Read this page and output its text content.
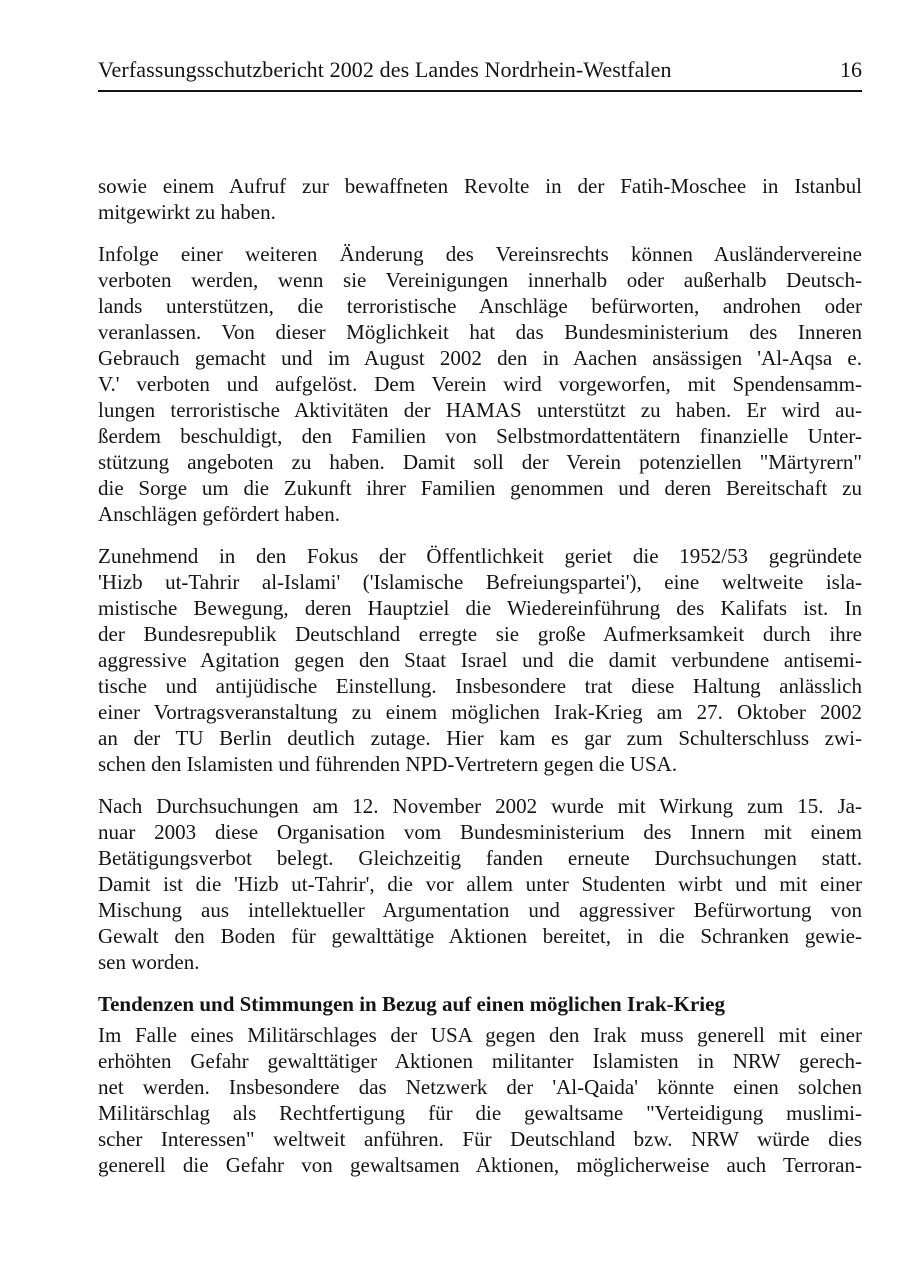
Verfassungsschutzbericht 2002 des Landes Nordrhein-Westfalen	16
sowie einem Aufruf zur bewaffneten Revolte in der Fatih-Moschee in Istanbul
mitgewirkt zu haben.
Infolge einer weiteren Änderung des Vereinsrechts können Ausländervereine
verboten werden, wenn sie Vereinigungen innerhalb oder außerhalb Deutsch-
lands unterstützen, die terroristische Anschläge befürworten, androhen oder
veranlassen. Von dieser Möglichkeit hat das Bundesministerium des Inneren
Gebrauch gemacht und im August 2002 den in Aachen ansässigen 'Al-Aqsa e.
V.' verboten und aufgelöst. Dem Verein wird vorgeworfen, mit Spendensamm-
lungen terroristische Aktivitäten der HAMAS unterstützt zu haben. Er wird au-
ßerdem beschuldigt, den Familien von Selbstmordattentätern finanzielle Unter-
stützung angeboten zu haben. Damit soll der Verein potenziellen "Märtyrern"
die Sorge um die Zukunft ihrer Familien genommen und deren Bereitschaft zu
Anschlägen gefördert haben.
Zunehmend in den Fokus der Öffentlichkeit geriet die 1952/53 gegründete
'Hizb ut-Tahrir al-Islami' ('Islamische Befreiungspartei'), eine weltweite isla-
mistische Bewegung, deren Hauptziel die Wiedereinführung des Kalifats ist. In
der Bundesrepublik Deutschland erregte sie große Aufmerksamkeit durch ihre
aggressive Agitation gegen den Staat Israel und die damit verbundene antisemi-
tische und antijüdische Einstellung. Insbesondere trat diese Haltung anlässlich
einer Vortragsveranstaltung zu einem möglichen Irak-Krieg am 27. Oktober 2002
an der TU Berlin deutlich zutage. Hier kam es gar zum Schulterschluss zwi-
schen den Islamisten und führenden NPD-Vertretern gegen die USA.
Nach Durchsuchungen am 12. November 2002 wurde mit Wirkung zum 15. Ja-
nuar 2003 diese Organisation vom Bundesministerium des Innern mit einem
Betätigungsverbot belegt. Gleichzeitig fanden erneute Durchsuchungen statt.
Damit ist die 'Hizb ut-Tahrir', die vor allem unter Studenten wirbt und mit einer
Mischung aus intellektueller Argumentation und aggressiver Befürwortung von
Gewalt den Boden für gewalttätige Aktionen bereitet, in die Schranken gewie-
sen worden.
Tendenzen und Stimmungen in Bezug auf einen möglichen Irak-Krieg
Im Falle eines Militärschlages der USA gegen den Irak muss generell mit einer
erhöhten Gefahr gewalttätiger Aktionen militanter Islamisten in NRW gerech-
net werden. Insbesondere das Netzwerk der 'Al-Qaida' könnte einen solchen
Militärschlag als Rechtfertigung für die gewaltsame "Verteidigung muslimi-
scher Interessen" weltweit anführen. Für Deutschland bzw. NRW würde dies
generell die Gefahr von gewaltsamen Aktionen, möglicherweise auch Terroran-
